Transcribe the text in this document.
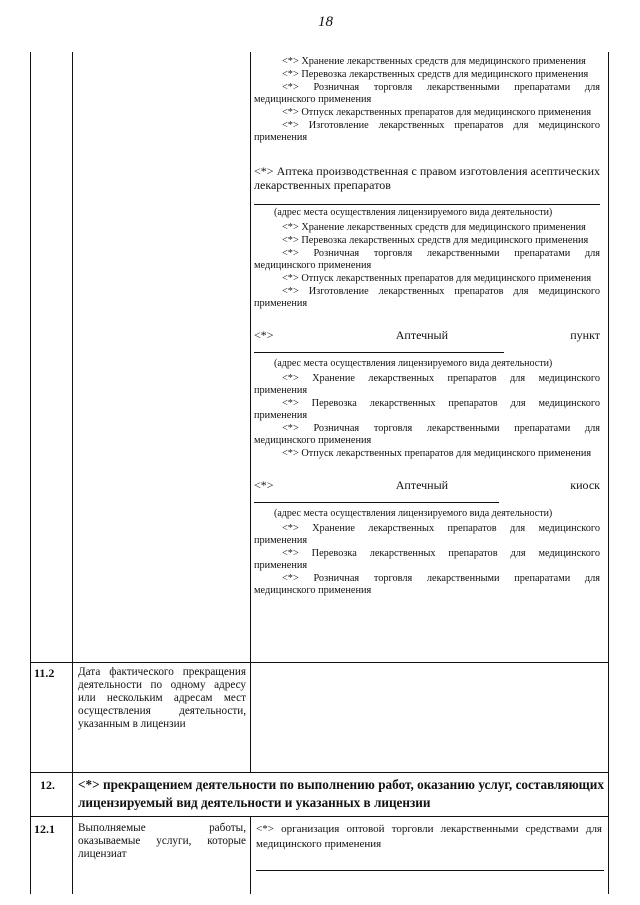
18
<*> Хранение лекарственных средств для медицинского применения
<*> Перевозка лекарственных средств для медицинского применения
<*> Розничная торговля лекарственными препаратами для медицинского применения
<*> Отпуск лекарственных препаратов для медицинского применения
<*> Изготовление лекарственных препаратов для медицинского применения
<*> Аптека производственная с правом изготовления асептических лекарственных препаратов
(адрес места осуществления лицензируемого вида деятельности)
<*> Хранение лекарственных средств для медицинского применения
<*> Перевозка лекарственных средств для медицинского применения
<*> Розничная торговля лекарственными препаратами для медицинского применения
<*> Отпуск лекарственных препаратов для медицинского применения
<*> Изготовление лекарственных препаратов для медицинского применения
<*> Аптечный пункт
(адрес места осуществления лицензируемого вида деятельности)
<*> Хранение лекарственных препаратов для медицинского применения
<*> Перевозка лекарственных препаратов для медицинского применения
<*> Розничная торговля лекарственными препаратами для медицинского применения
<*> Отпуск лекарственных препаратов для медицинского применения
<*> Аптечный киоск
(адрес места осуществления лицензируемого вида деятельности)
<*> Хранение лекарственных препаратов для медицинского применения
<*> Перевозка лекарственных препаратов для медицинского применения
<*> Розничная торговля лекарственными препаратами для медицинского применения
11.2 Дата фактического прекращения деятельности по одному адресу или нескольким адресам мест осуществления деятельности, указанным в лицензии
12. <*> прекращением деятельности по выполнению работ, оказанию услуг, составляющих лицензируемый вид деятельности и указанных в лицензии
12.1 Выполняемые работы, оказываемые услуги, которые лицензиат
<*> организация оптовой торговли лекарственными средствами для медицинского применения
